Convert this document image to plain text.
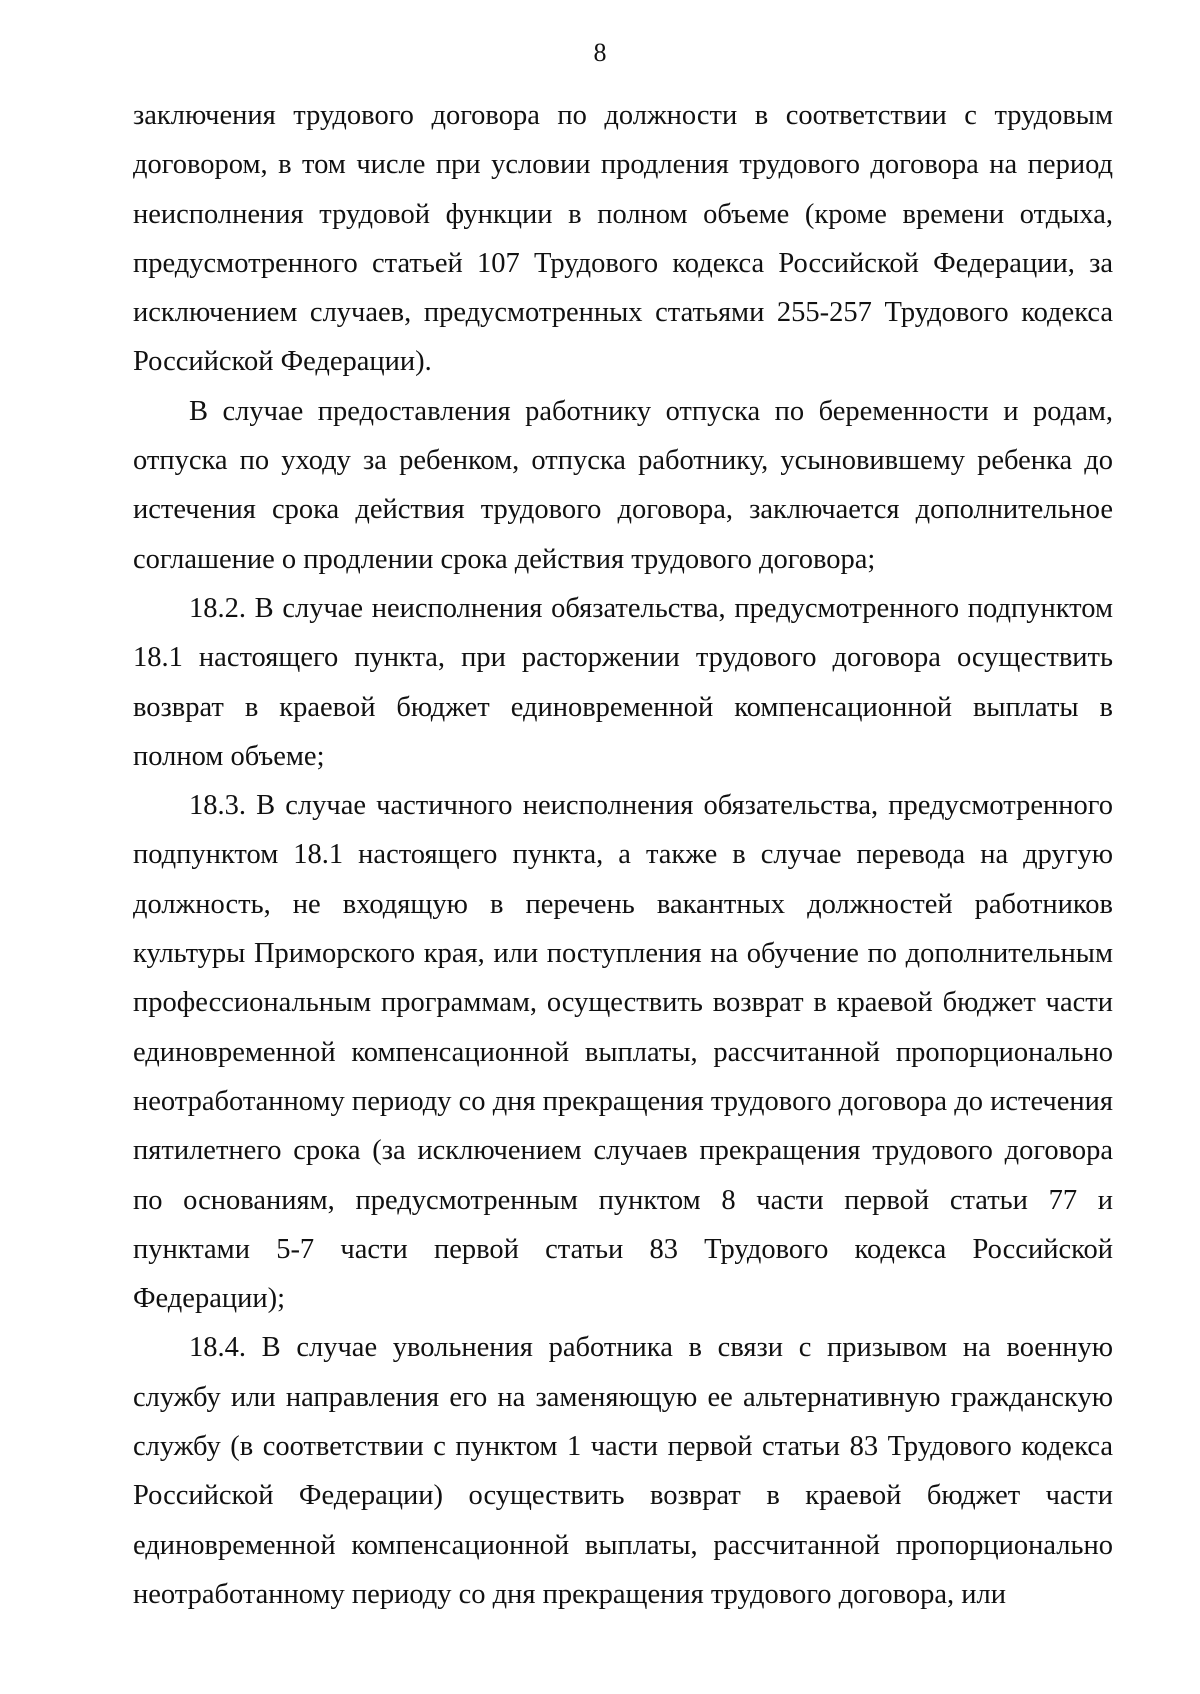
8

заключения трудового договора по должности в соответствии с трудовым договором, в том числе при условии продления трудового договора на период неисполнения трудовой функции в полном объеме (кроме времени отдыха, предусмотренного статьей 107 Трудового кодекса Российской Федерации, за исключением случаев, предусмотренных статьями 255-257 Трудового кодекса Российской Федерации).

В случае предоставления работнику отпуска по беременности и родам, отпуска по уходу за ребенком, отпуска работнику, усыновившему ребенка до истечения срока действия трудового договора, заключается дополнительное соглашение о продлении срока действия трудового договора;

18.2. В случае неисполнения обязательства, предусмотренного подпунктом 18.1 настоящего пункта, при расторжении трудового договора осуществить возврат в краевой бюджет единовременной компенсационной выплаты в полном объеме;

18.3. В случае частичного неисполнения обязательства, предусмотренного подпунктом 18.1 настоящего пункта, а также в случае перевода на другую должность, не входящую в перечень вакантных должностей работников культуры Приморского края, или поступления на обучение по дополнительным профессиональным программам, осуществить возврат в краевой бюджет части единовременной компенсационной выплаты, рассчитанной пропорционально неотработанному периоду со дня прекращения трудового договора до истечения пятилетнего срока (за исключением случаев прекращения трудового договора по основаниям, предусмотренным пунктом 8 части первой статьи 77 и пунктами 5-7 части первой статьи 83 Трудового кодекса Российской Федерации);

18.4. В случае увольнения работника в связи с призывом на военную службу или направления его на заменяющую ее альтернативную гражданскую службу (в соответствии с пунктом 1 части первой статьи 83 Трудового кодекса Российской Федерации) осуществить возврат в краевой бюджет части единовременной компенсационной выплаты, рассчитанной пропорционально неотработанному периоду со дня прекращения трудового договора, или
